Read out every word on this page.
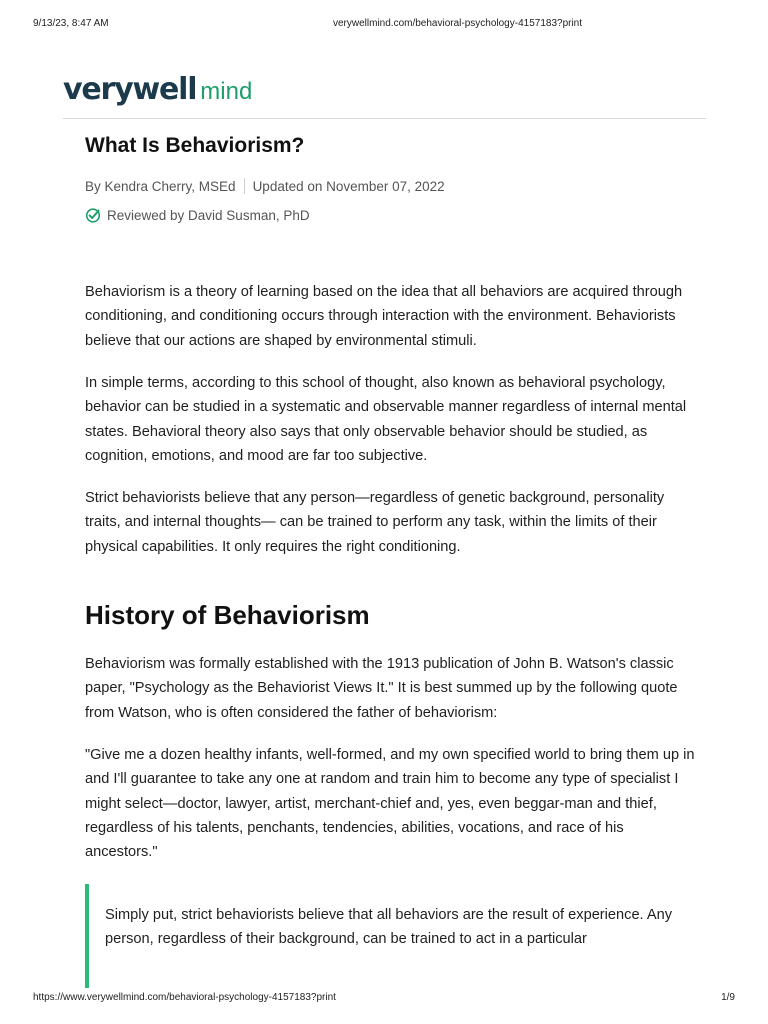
9/13/23, 8:47 AM	verywellmind.com/behavioral-psychology-4157183?print
verywell mind
What Is Behaviorism?
By Kendra Cherry, MSEd Updated on November 07, 2022
Reviewed by David Susman, PhD

Behaviorism is a theory of learning based on the idea that all behaviors are acquired through conditioning, and conditioning occurs through interaction with the environment. Behaviorists believe that our actions are shaped by environmental stimuli.

In simple terms, according to this school of thought, also known as behavioral psychology, behavior can be studied in a systematic and observable manner regardless of internal mental states. Behavioral theory also says that only observable behavior should be studied, as cognition, emotions, and mood are far too subjective.

Strict behaviorists believe that any person—regardless of genetic background, personality traits, and internal thoughts— can be trained to perform any task, within the limits of their physical capabilities. It only requires the right conditioning.

History of Behaviorism

Behaviorism was formally established with the 1913 publication of John B. Watson's classic paper, "Psychology as the Behaviorist Views It." It is best summed up by the following quote from Watson, who is often considered the father of behaviorism:

"Give me a dozen healthy infants, well-formed, and my own specified world to bring them up in and I'll guarantee to take any one at random and train him to become any type of specialist I might select—doctor, lawyer, artist, merchant-chief and, yes, even beggar-man and thief, regardless of his talents, penchants, tendencies, abilities, vocations, and race of his ancestors."

Simply put, strict behaviorists believe that all behaviors are the result of experience. Any person, regardless of their background, can be trained to act in a particular

https://www.verywellmind.com/behavioral-psychology-4157183?print	1/9
